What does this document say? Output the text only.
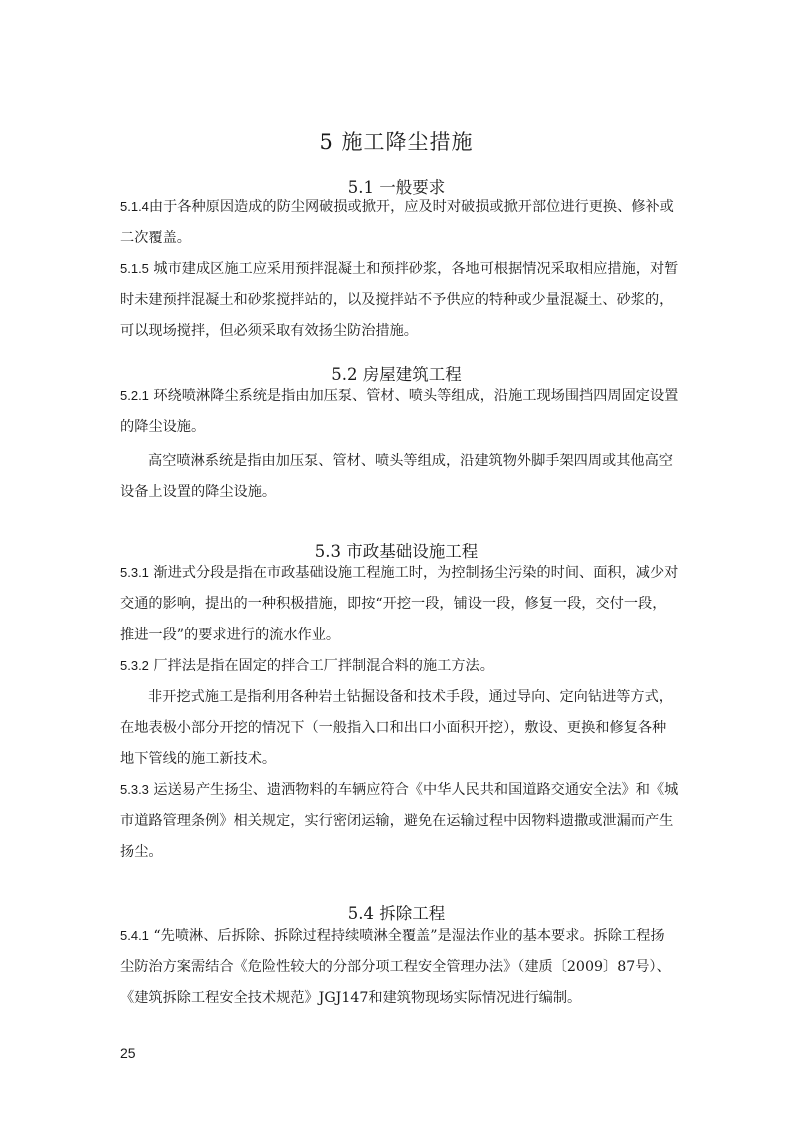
5 施工降尘措施
5.1 一般要求
5.1.4由于各种原因造成的防尘网破损或掀开，应及时对破损或掀开部位进行更换、修补或
二次覆盖。
5.1.5 城市建成区施工应采用预拌混凝土和预拌砂浆，各地可根据情况采取相应措施，对暂
时未建预拌混凝土和砂浆搅拌站的，以及搅拌站不予供应的特种或少量混凝土、砂浆的，
可以现场搅拌，但必须采取有效扬尘防治措施。
5.2 房屋建筑工程
5.2.1 环绕喷淋降尘系统是指由加压泵、管材、喷头等组成，沿施工现场围挡四周固定设置
的降尘设施。
高空喷淋系统是指由加压泵、管材、喷头等组成，沿建筑物外脚手架四周或其他高空
设备上设置的降尘设施。
5.3 市政基础设施工程
5.3.1 渐进式分段是指在市政基础设施工程施工时，为控制扬尘污染的时间、面积，减少对
交通的影响，提出的一种积极措施，即按“开挖一段，铺设一段，修复一段，交付一段，
推进一段”的要求进行的流水作业。
5.3.2 厂拌法是指在固定的拌合工厂拌制混合料的施工方法。
非开挖式施工是指利用各种岩土钻掘设备和技术手段，通过导向、定向钻进等方式，
在地表极小部分开挖的情况下（一般指入口和出口小面积开挖），敷设、更换和修复各种
地下管线的施工新技术。
5.3.3 运送易产生扬尘、遗洒物料的车辆应符合《中华人民共和国道路交通安全法》和《城
市道路管理条例》相关规定，实行密闭运输，避免在运输过程中因物料遗撒或泄漏而产生
扬尘。
5.4 拆除工程
5.4.1 “先喷淋、后拆除、拆除过程持续喷淋全覆盖”是湿法作业的基本要求。拆除工程扬
尘防治方案需结合《危险性较大的分部分项工程安全管理办法》（建质〔2009〕87号）、
《建筑拆除工程安全技术规范》JGJ147和建筑物现场实际情况进行编制。
25
